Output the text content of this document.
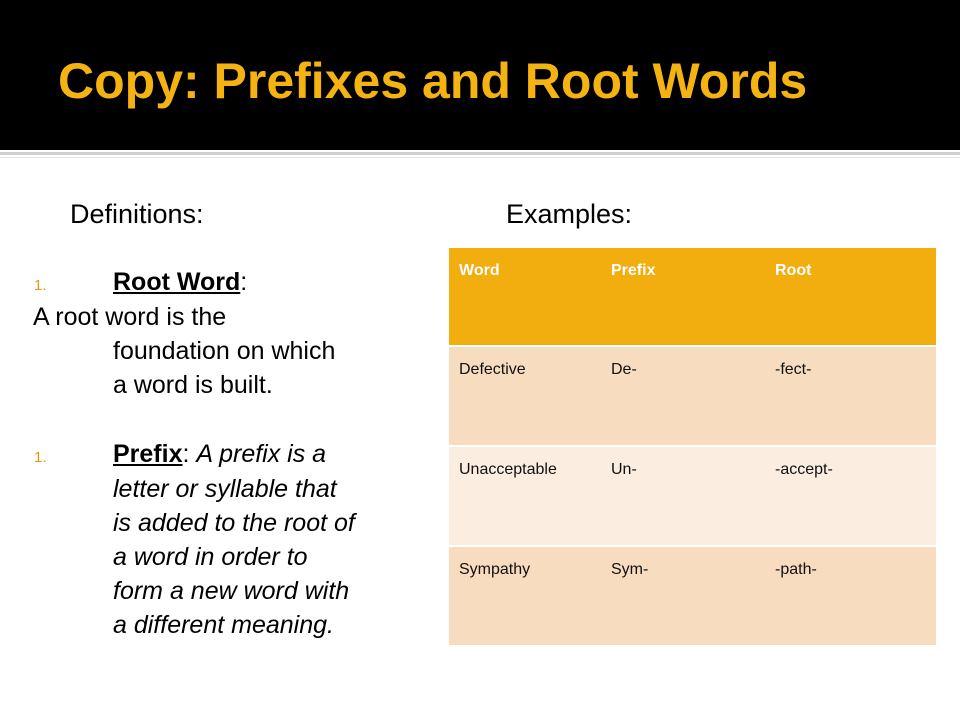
Copy: Prefixes and Root Words
Definitions:	Examples:
1.	Root Word:
A root word is the
foundation on which
a word is built.
1.	Prefix: A prefix is a
letter or syllable that
is added to the root of
a word in order to
form a new word with
a different meaning.
Word	Prefix	Root
Defective	De-	-fect-
Unacceptable	Un-	-accept-
Sympathy	Sym-	-path-
